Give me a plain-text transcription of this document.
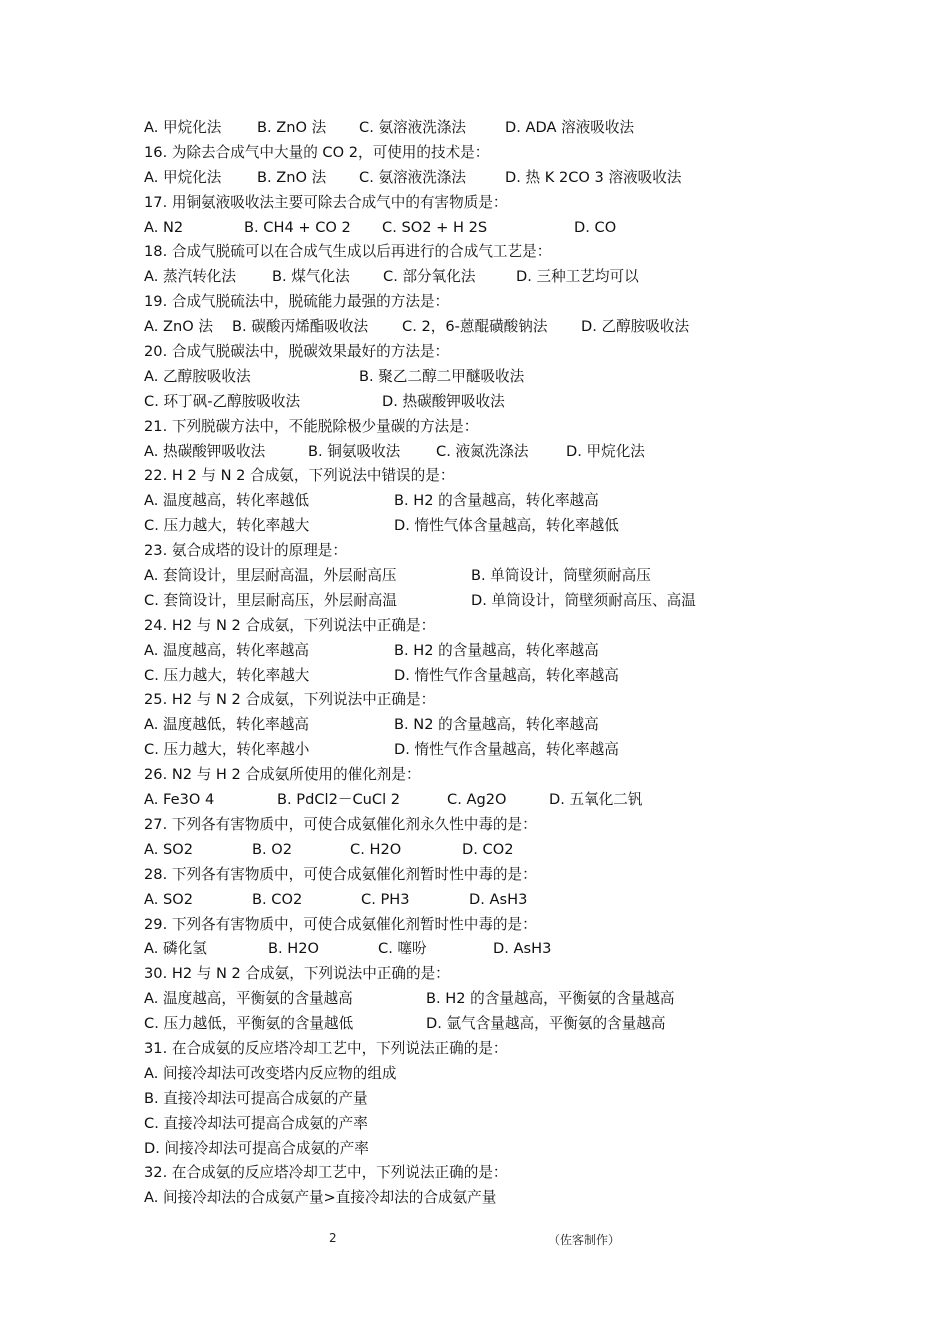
A. 甲烷化法 B. ZnO 法 C. 氨溶液洗涤法	D. ADA 溶液吸收法
16. 为除去合成气中大量的 CO 2，可使用的技术是：
A. 甲烷化法 B. ZnO 法 C. 氨溶液洗涤法	D. 热 K 2CO 3 溶液吸收法
17. 用铜氨液吸收法主要可除去合成气中的有害物质是：
A. N2	B. CH4 + CO 2 C. SO2 + H 2S	D. CO
18. 合成气脱硫可以在合成气生成以后再进行的合成气工艺是：
A. 蒸汽转化法 B. 煤气化法 C. 部分氧化法	D. 三种工艺均可以
19. 合成气脱硫法中，脱硫能力最强的方法是：
A. ZnO 法 B. 碳酸丙烯酯吸收法 C. 2，6-蒽醌磺酸钠法 D. 乙醇胺吸收法
20. 合成气脱碳法中，脱碳效果最好的方法是：
A. 乙醇胺吸收法	B. 聚乙二醇二甲醚吸收法
C. 环丁砜-乙醇胺吸收法	D. 热碳酸钾吸收法
21. 下列脱碳方法中，不能脱除极少量碳的方法是：
A. 热碳酸钾吸收法	B. 铜氨吸收法 C. 液氮洗涤法	D. 甲烷化法
22. H 2 与 N 2 合成氨，下列说法中错误的是：
A. 温度越高，转化率越低	B. H2 的含量越高，转化率越高
C. 压力越大，转化率越大	D. 惰性气体含量越高，转化率越低
23. 氨合成塔的设计的原理是：
A. 套筒设计，里层耐高温，外层耐高压	B. 单筒设计，筒壁须耐高压
C. 套筒设计，里层耐高压，外层耐高温	D. 单筒设计，筒壁须耐高压、高温
24. H2 与 N 2 合成氨，下列说法中正确是：
A. 温度越高，转化率越高	B. H2 的含量越高，转化率越高
C. 压力越大，转化率越大	D. 惰性气作含量越高，转化率越高
25. H2 与 N 2 合成氨，下列说法中正确是：
A. 温度越低，转化率越高	B. N2 的含量越高，转化率越高
C. 压力越大，转化率越小	D. 惰性气作含量越高，转化率越高
26. N2 与 H 2 合成氨所使用的催化剂是：
A. Fe3O 4	B. PdCl2－CuCl 2	C. Ag2O	D. 五氧化二钒
27. 下列各有害物质中，可使合成氨催化剂永久性中毒的是：
A. SO2	B. O2	C. H2O	D. CO2
28. 下列各有害物质中，可使合成氨催化剂暂时性中毒的是：
A. SO2	B. CO2	C. PH3	D. AsH3
29. 下列各有害物质中，可使合成氨催化剂暂时性中毒的是：
A. 磷化氢	B. H2O	C. 噻吩	D. AsH3
30. H2 与 N 2 合成氨，下列说法中正确的是：
A. 温度越高，平衡氨的含量越高	B. H2 的含量越高，平衡氨的含量越高
C. 压力越低，平衡氨的含量越低	D. 氩气含量越高，平衡氨的含量越高
31. 在合成氨的反应塔冷却工艺中，下列说法正确的是：
A. 间接冷却法可改变塔内反应物的组成
B. 直接冷却法可提高合成氨的产量
C. 直接冷却法可提高合成氨的产率
D. 间接冷却法可提高合成氨的产率
32. 在合成氨的反应塔冷却工艺中，下列说法正确的是：
A. 间接冷却法的合成氨产量>直接冷却法的合成氨产量
2	（佐客制作）
